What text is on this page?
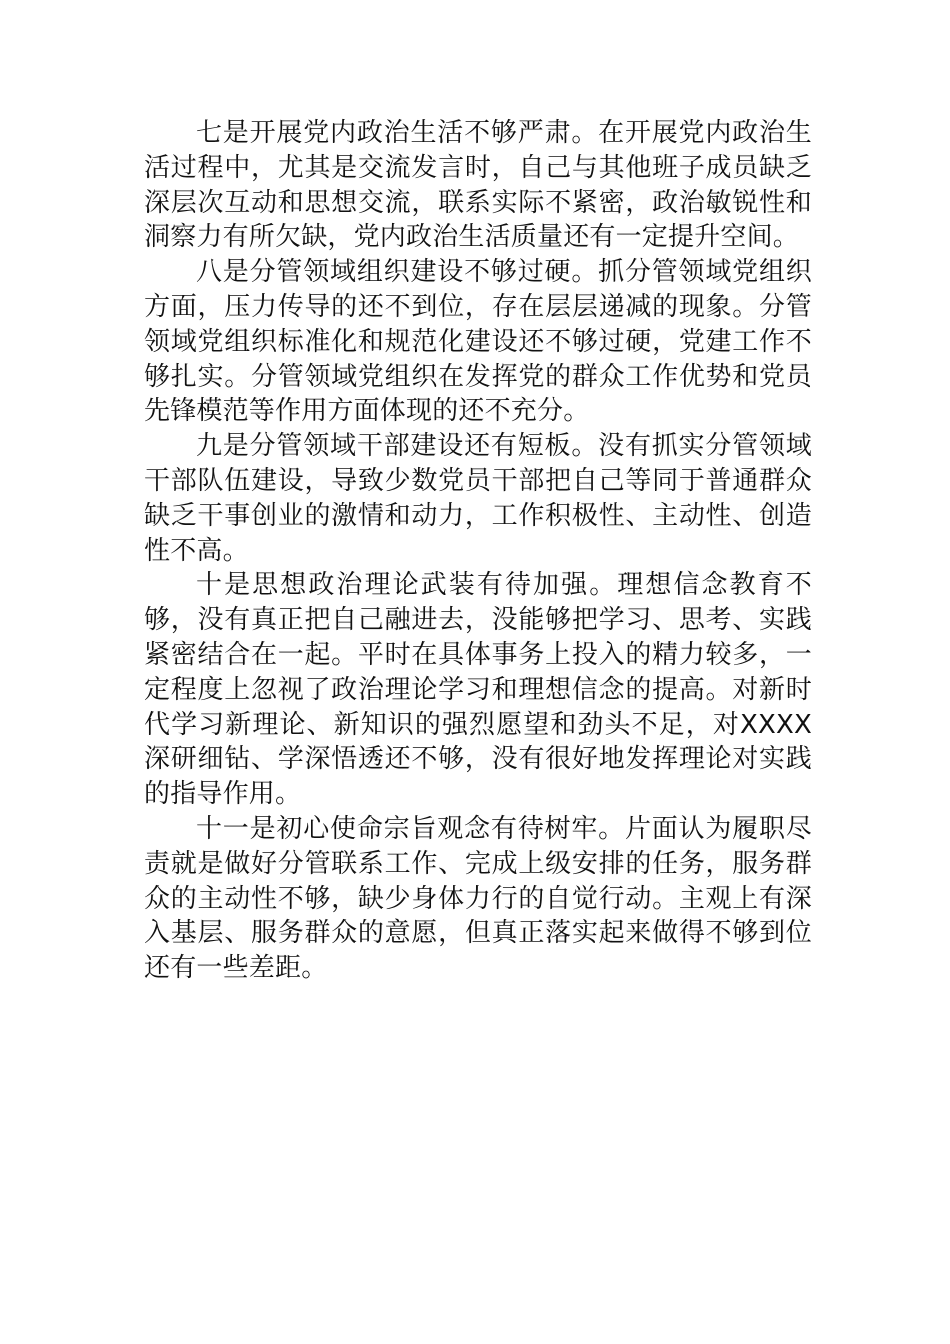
七是开展党内政治生活不够严肃。在开展党内政治生活过程中，尤其是交流发言时，自己与其他班子成员缺乏深层次互动和思想交流，联系实际不紧密，政治敏锐性和洞察力有所欠缺，党内政治生活质量还有一定提升空间。

八是分管领域组织建设不够过硬。抓分管领域党组织方面，压力传导的还不到位，存在层层递减的现象。分管领域党组织标准化和规范化建设还不够过硬，党建工作不够扎实。分管领域党组织在发挥党的群众工作优势和党员先锋模范等作用方面体现的还不充分。

九是分管领域干部建设还有短板。没有抓实分管领域干部队伍建设，导致少数党员干部把自己等同于普通群众缺乏干事创业的激情和动力，工作积极性、主动性、创造性不高。

十是思想政治理论武装有待加强。理想信念教育不够，没有真正把自己融进去，没能够把学习、思考、实践紧密结合在一起。平时在具体事务上投入的精力较多，一定程度上忽视了政治理论学习和理想信念的提高。对新时代学习新理论、新知识的强烈愿望和劲头不足，对XXXX深研细钻、学深悟透还不够，没有很好地发挥理论对实践的指导作用。

十一是初心使命宗旨观念有待树牢。片面认为履职尽责就是做好分管联系工作、完成上级安排的任务，服务群众的主动性不够，缺少身体力行的自觉行动。主观上有深入基层、服务群众的意愿，但真正落实起来做得不够到位还有一些差距。
